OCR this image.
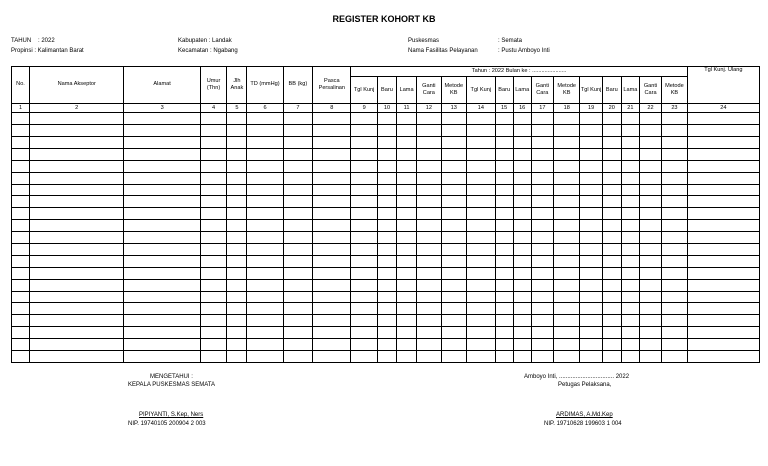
REGISTER KOHORT KB
TAHUN : 2022
Propinsi : Kalimantan Barat
Kabupaten : Landak
Kecamatan : Ngabang
Puskesmas	: Semata
Nama Fasilitas Pelayanan	: Pustu Amboyo Inti
No.	Nama Akseptor	Alamat	Umur (Thn)	Jlh Anak	TD (mmHg)	BB (kg)	Pasca Persalinan	Tahun : 2022 Bulan ke : ......................															Tgl Kunj. Ulang
								Tgl Kunj	Baru	Lama	Ganti Cara	Metode KB	Tgl Kunj	Baru	Lama	Ganti Cara	Metode KB	Tgl Kunj	Baru	Lama	Ganti Cara	Metode KB	
1	2	3	4	5	6	7	8	9	10	11	12	13	14	15	16	17	18	19	20	21	22	23	24

MENGETAHUI :
KEPALA PUSKESMAS SEMATA
PIPIYANTI, S.Kep, Ners
NIP. 19740105 200904 2 003
Amboyo Inti, ................................. 2022
Petugas Pelaksana,
ARDIMAS, A.Md.Kep
NIP. 19710628 199603 1 004
